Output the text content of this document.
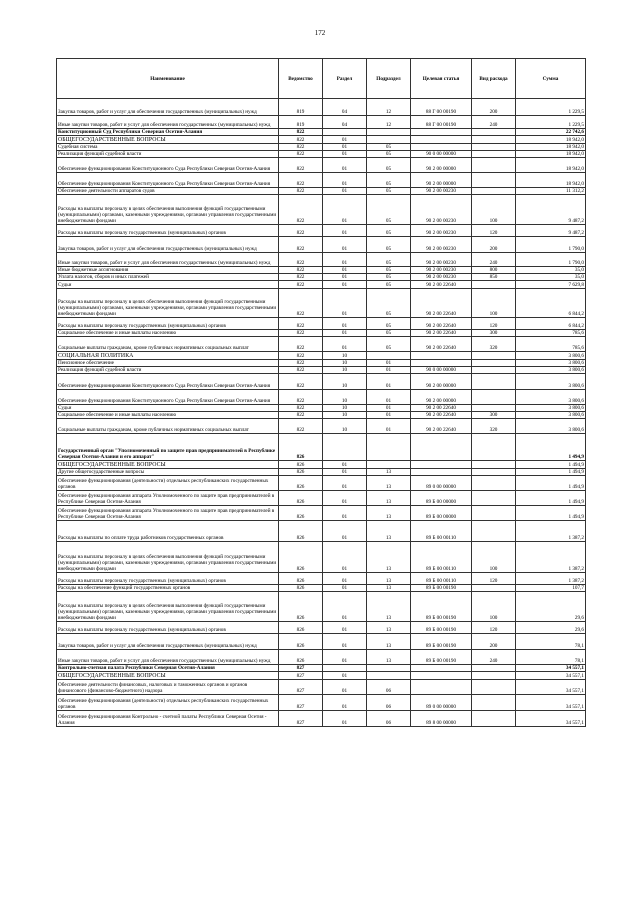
172
Наименование	Ведомство	Раздел	Подраздел	Целевая статья	Вид расхода	Сумма
Закупка товаров, работ и услуг для обеспечения государственных (муниципальных) нужд	819	04	12	88 Г 00 00190	200	1 229,5
Иные закупки товаров, работ и услуг для обеспечения государственных (муниципальных) нужд	819	04	12	88 Г 00 00190	240	1 229,5
Конституционный Суд Республики Северная Осетия-Алания	822					22 742,6
ОБЩЕГОСУДАРСТВЕННЫЕ ВОПРОСЫ	822	01				18 942,0
Судебная система	822	01	05			18 942,0
Реализация функций судебной власти	822	01	05	90 0 00 00000		18 942,0
Обеспечение функционирования Конституционного Суда Республики Северная Осетия-Алания	822	01	05	90 2 00 00000		18 942,0
Обеспечение функционирования Конституционного Суда Республики Северная Осетия-Алания	822	01	05	90 2 00 00000		18 942,0
Обеспечение деятельности аппаратов судов	822	01	05	90 2 00 00230		11 312,2
Расходы на выплаты персоналу в целях обеспечения выполнения функций государственными (муниципальными) органами, казенными учреждениями, органами управления государственными внебюджетными фондами	822	01	05	90 2 00 00230	100	9 487,2
Расходы на выплаты персоналу государственных (муниципальных) органов	822	01	05	90 2 00 00230	120	9 487,2
Закупка товаров, работ и услуг для обеспечения государственных (муниципальных) нужд	822	01	05	90 2 00 00230	200	1 790,0
Иные закупки товаров, работ и услуг для обеспечения государственных (муниципальных) нужд	822	01	05	90 2 00 00230	240	1 790,0
Иные бюджетные ассигнования	822	01	05	90 2 00 00230	800	35,0
Уплата налогов, сборов и иных платежей	822	01	05	90 2 00 00230	850	35,0
Судьи	822	01	05	90 2 00 22640		7 629,8
Расходы на выплаты персоналу в целях обеспечения выполнения функций государственными (муниципальными) органами, казенными учреждениями, органами управления государственными внебюджетными фондами	822	01	05	90 2 00 22640	100	6 844,2
Расходы на выплаты персоналу государственных (муниципальных) органов	822	01	05	90 2 00 22640	120	6 844,2
Социальное обеспечение и иные выплаты населению	822	01	05	90 2 00 22640	300	785,6
Социальные выплаты гражданам, кроме публичных нормативных социальных выплат	822	01	05	90 2 00 22640	320	785,6
СОЦИАЛЬНАЯ ПОЛИТИКА	822	10				3 800,6
Пенсионное обеспечение	822	10	01			3 800,6
Реализация функций судебной власти	822	10	01	90 0 00 00000		3 800,6
Обеспечение функционирования Конституционного Суда Республики Северная Осетия-Алания	822	10	01	90 2 00 00000		3 800,6
Обеспечение функционирования Конституционного Суда Республики Северная Осетия-Алания	822	10	01	90 2 00 00000		3 800,6
Судьи	822	10	01	90 2 00 22640		3 800,6
Социальное обеспечение и иные выплаты населению	822	10	01	90 2 00 22640	300	3 800,6
Социальные выплаты гражданам, кроме публичных нормативных социальных выплат	822	10	01	90 2 00 22640	320	3 800,6
Государственный орган "Уполномоченный по защите прав предпринимателей в Республике Северная Осетия-Алания и его аппарат"	826					1 494,9
ОБЩЕГОСУДАРСТВЕННЫЕ ВОПРОСЫ	826	01				1 494,9
Другие общегосударственные вопросы	826	01	13			1 494,9
Обеспечение функционирования (деятельности) отдельных республиканских государственных органов	826	01	13	89 0 00 00000		1 494,9
Обеспечение функционирования аппарата Уполномоченного по защите прав предпринимателей в Республике Северная Осетия-Алания	826	01	13	89 Б 00 00000		1 494,9
Обеспечение функционирования аппарата Уполномоченного по защите прав предпринимателей в Республике Северная Осетия-Алания	826	01	13	89 Б 00 00000		1 494,9
Расходы на выплаты по оплате труда работников государственных органов	826	01	13	89 Б 00 00110		1 387,2
Расходы на выплаты персоналу в целях обеспечения выполнения функций государственными (муниципальными) органами, казенными учреждениями, органами управления государственными внебюджетными фондами	826	01	13	89 Б 00 00110	100	1 387,2
Расходы на выплаты персоналу государственных (муниципальных) органов	826	01	13	89 Б 00 00110	120	1 387,2
Расходы на обеспечение функций государственных органов	826	01	13	89 Б 00 00190		107,7
Расходы на выплаты персоналу в целях обеспечения выполнения функций государственными (муниципальными) органами, казенными учреждениями, органами управления государственными внебюджетными фондами	826	01	13	89 Б 00 00190	100	29,6
Расходы на выплаты персоналу государственных (муниципальных) органов	826	01	13	89 Б 00 00190	120	29,6
Закупка товаров, работ и услуг для обеспечения государственных (муниципальных) нужд	826	01	13	89 Б 00 00190	200	78,1
Иные закупки товаров, работ и услуг для обеспечения государственных (муниципальных) нужд	826	01	13	89 Б 00 00190	240	78,1
Контрольно-счетная палата Республики Северная Осетия-Алания	827					34 557,1
ОБЩЕГОСУДАРСТВЕННЫЕ ВОПРОСЫ	827	01				34 557,1
Обеспечение деятельности финансовых, налоговых и таможенных органов и органов финансового (финансово-бюджетного) надзора	827	01	06			34 557,1
Обеспечение функционирования (деятельности) отдельных республиканских государственных органов	827	01	06	89 0 00 00000		34 557,1
Обеспечение функционирования Контрольно - счетной палаты Республики Северная Осетия - Алания	827	01	06	89 8 00 00000		34 557,1
